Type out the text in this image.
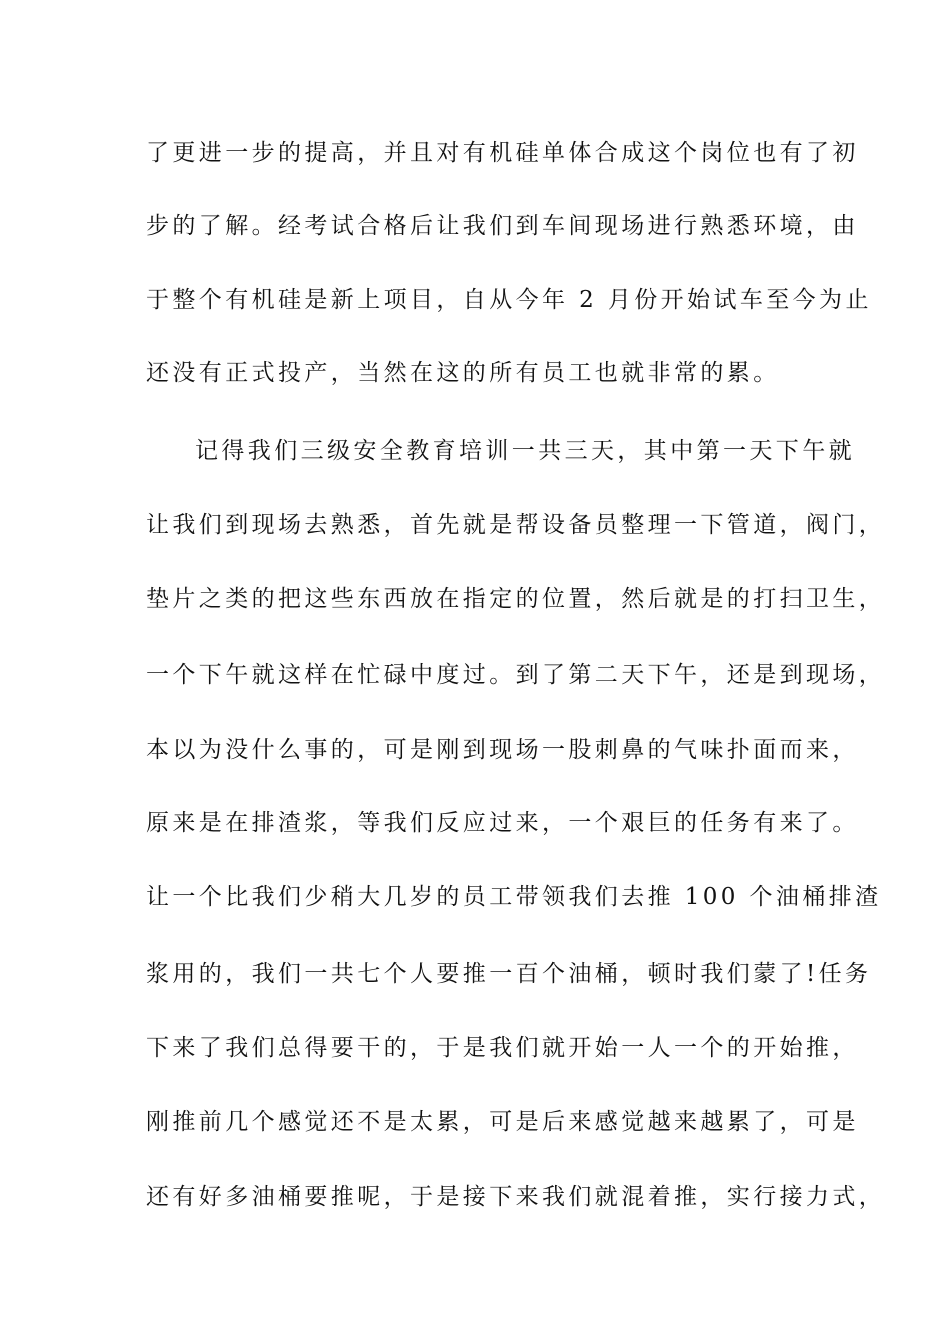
了更进一步的提高，并且对有机硅单体合成这个岗位也有了初
步的了解。经考试合格后让我们到车间现场进行熟悉环境，由
于整个有机硅是新上项目，自从今年 2 月份开始试车至今为止
还没有正式投产，当然在这的所有员工也就非常的累。
记得我们三级安全教育培训一共三天，其中第一天下午就
让我们到现场去熟悉，首先就是帮设备员整理一下管道，阀门，
垫片之类的把这些东西放在指定的位置，然后就是的打扫卫生，
一个下午就这样在忙碌中度过。到了第二天下午，还是到现场，
本以为没什么事的，可是刚到现场一股刺鼻的气味扑面而来，
原来是在排渣浆，等我们反应过来，一个艰巨的任务有来了。
让一个比我们少稍大几岁的员工带领我们去推 100 个油桶排渣
浆用的，我们一共七个人要推一百个油桶，顿时我们蒙了!任务
下来了我们总得要干的，于是我们就开始一人一个的开始推，
刚推前几个感觉还不是太累，可是后来感觉越来越累了，可是
还有好多油桶要推呢，于是接下来我们就混着推，实行接力式，
